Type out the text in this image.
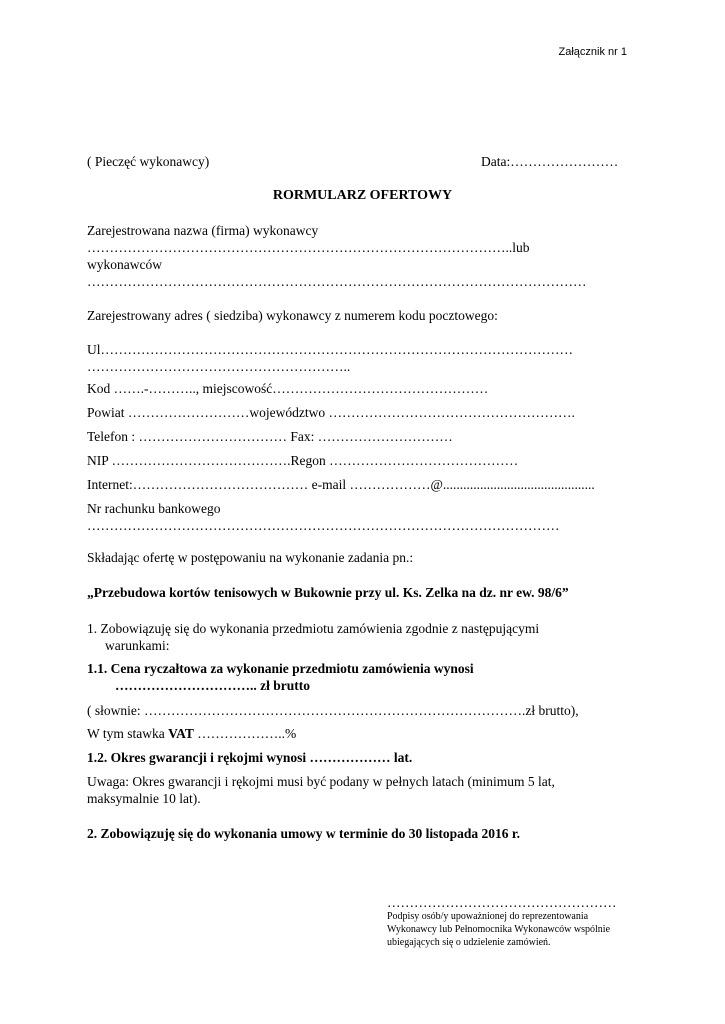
Załącznik nr 1
( Pieczęć wykonawcy)	Data:……………………
RORMULARZ OFERTOWY
Zarejestrowana nazwa (firma) wykonawcy
…………………………………………………………………………………..lub
wykonawców
…………………………………………………………………………………………………
Zarejestrowany adres ( siedziba) wykonawcy z numerem kodu pocztowego:
Ul……………………………………………………………………………………………
…………………………………………………..
Kod …….-……….., miejscowość…………………………………………
Powiat ………………………województwo ……………………………………………….
Telefon : …………………………… Fax: …………………………
NIP ………………………………….Regon ……………………………………
Internet:………………………………… e-mail ………………@.............................................
Nr rachunku bankowego
……………………………………………………………………………………………
Składając ofertę w postępowaniu na wykonanie zadania pn.:
„Przebudowa kortów tenisowych w Bukownie przy ul. Ks. Zelka na dz. nr ew. 98/6”
1. Zobowiązuję się do wykonania przedmiotu zamówienia zgodnie z następującymi
warunkami:
1.1. Cena ryczałtowa za wykonanie przedmiotu zamówienia wynosi
………………………….. zł brutto
( słownie: ………………………………………………………………………….zł brutto),
W tym stawka VAT ………………..%
1.2. Okres gwarancji i rękojmi wynosi ……………… lat.
Uwaga: Okres gwarancji i rękojmi musi być podany w pełnych latach (minimum 5 lat,
maksymalnie 10 lat).
2. Zobowiązuję się do wykonania umowy w terminie do 30 listopada 2016 r.
……………………………………………
Podpisy osób/y upoważnionej do reprezentowania
Wykonawcy lub Pełnomocnika Wykonawców wspólnie
ubiegających się o udzielenie zamówień.
